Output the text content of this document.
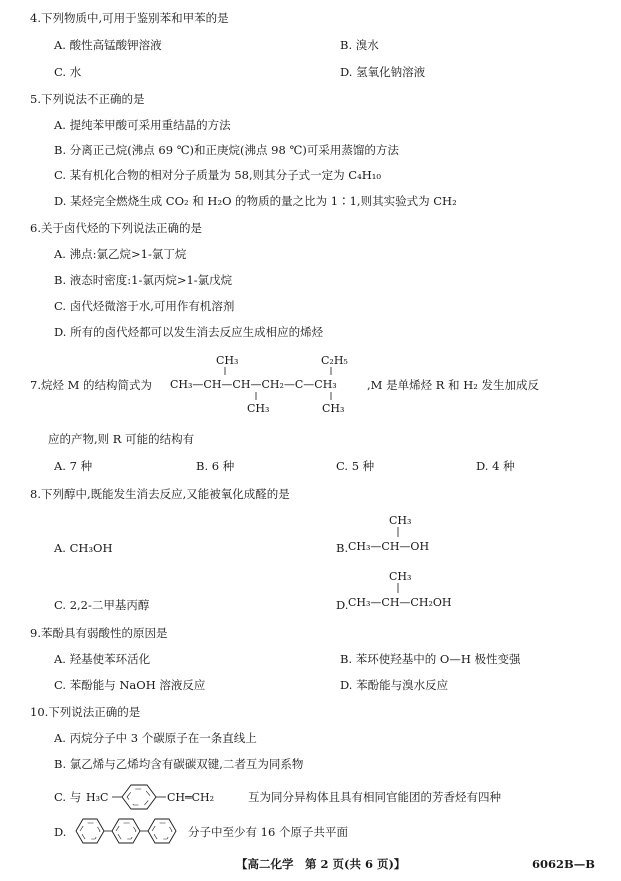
4.下列物质中,可用于鉴别苯和甲苯的是
A. 酸性高锰酸钾溶液	B. 溴水
C. 水	D. 氢氧化钠溶液
5.下列说法不正确的是
A. 提纯苯甲酸可采用重结晶的方法
B. 分离正己烷(沸点 69 ℃)和正庚烷(沸点 98 ℃)可采用蒸馏的方法
C. 某有机化合物的相对分子质量为 58,则其分子式一定为 C₄H₁₀
D. 某烃完全燃烧生成 CO₂ 和 H₂O 的物质的量之比为 1∶1,则其实验式为 CH₂
6.关于卤代烃的下列说法正确的是
A. 沸点:氯乙烷>1-氯丁烷
B. 液态时密度:1-氯丙烷>1-氯戊烷
C. 卤代烃微溶于水,可用作有机溶剂
D. 所有的卤代烃都可以发生消去反应生成相应的烯烃
7.烷烃 M 的结构简式为
CH₃	C₂H₅
CH₃—CH—CH—CH₂—C—CH₃
CH₃	CH₃
,M 是单烯烃 R 和 H₂ 发生加成反
应的产物,则 R 可能的结构有
A. 7 种	B. 6 种	C. 5 种	D. 4 种
8.下列醇中,既能发生消去反应,又能被氧化成醛的是
A. CH₃OH	B.
CH₃
CH₃—CH—OH
C. 2,2-二甲基丙醇	D.
CH₃
CH₃—CH—CH₂OH
9.苯酚具有弱酸性的原因是
A. 羟基使苯环活化	B. 苯环使羟基中的 O—H 极性变强
C. 苯酚能与 NaOH 溶液反应	D. 苯酚能与溴水反应
10.下列说法正确的是
A. 丙烷分子中 3 个碳原子在一条直线上
B. 氯乙烯与乙烯均含有碳碳双键,二者互为同系物
C. 与 H₃C	CH═CH₂	互为同分异构体且具有相同官能团的芳香烃有四种
D.	分子中至少有 16 个原子共平面
【高二化学　第 2 页(共 6 页)】	6062B—B
